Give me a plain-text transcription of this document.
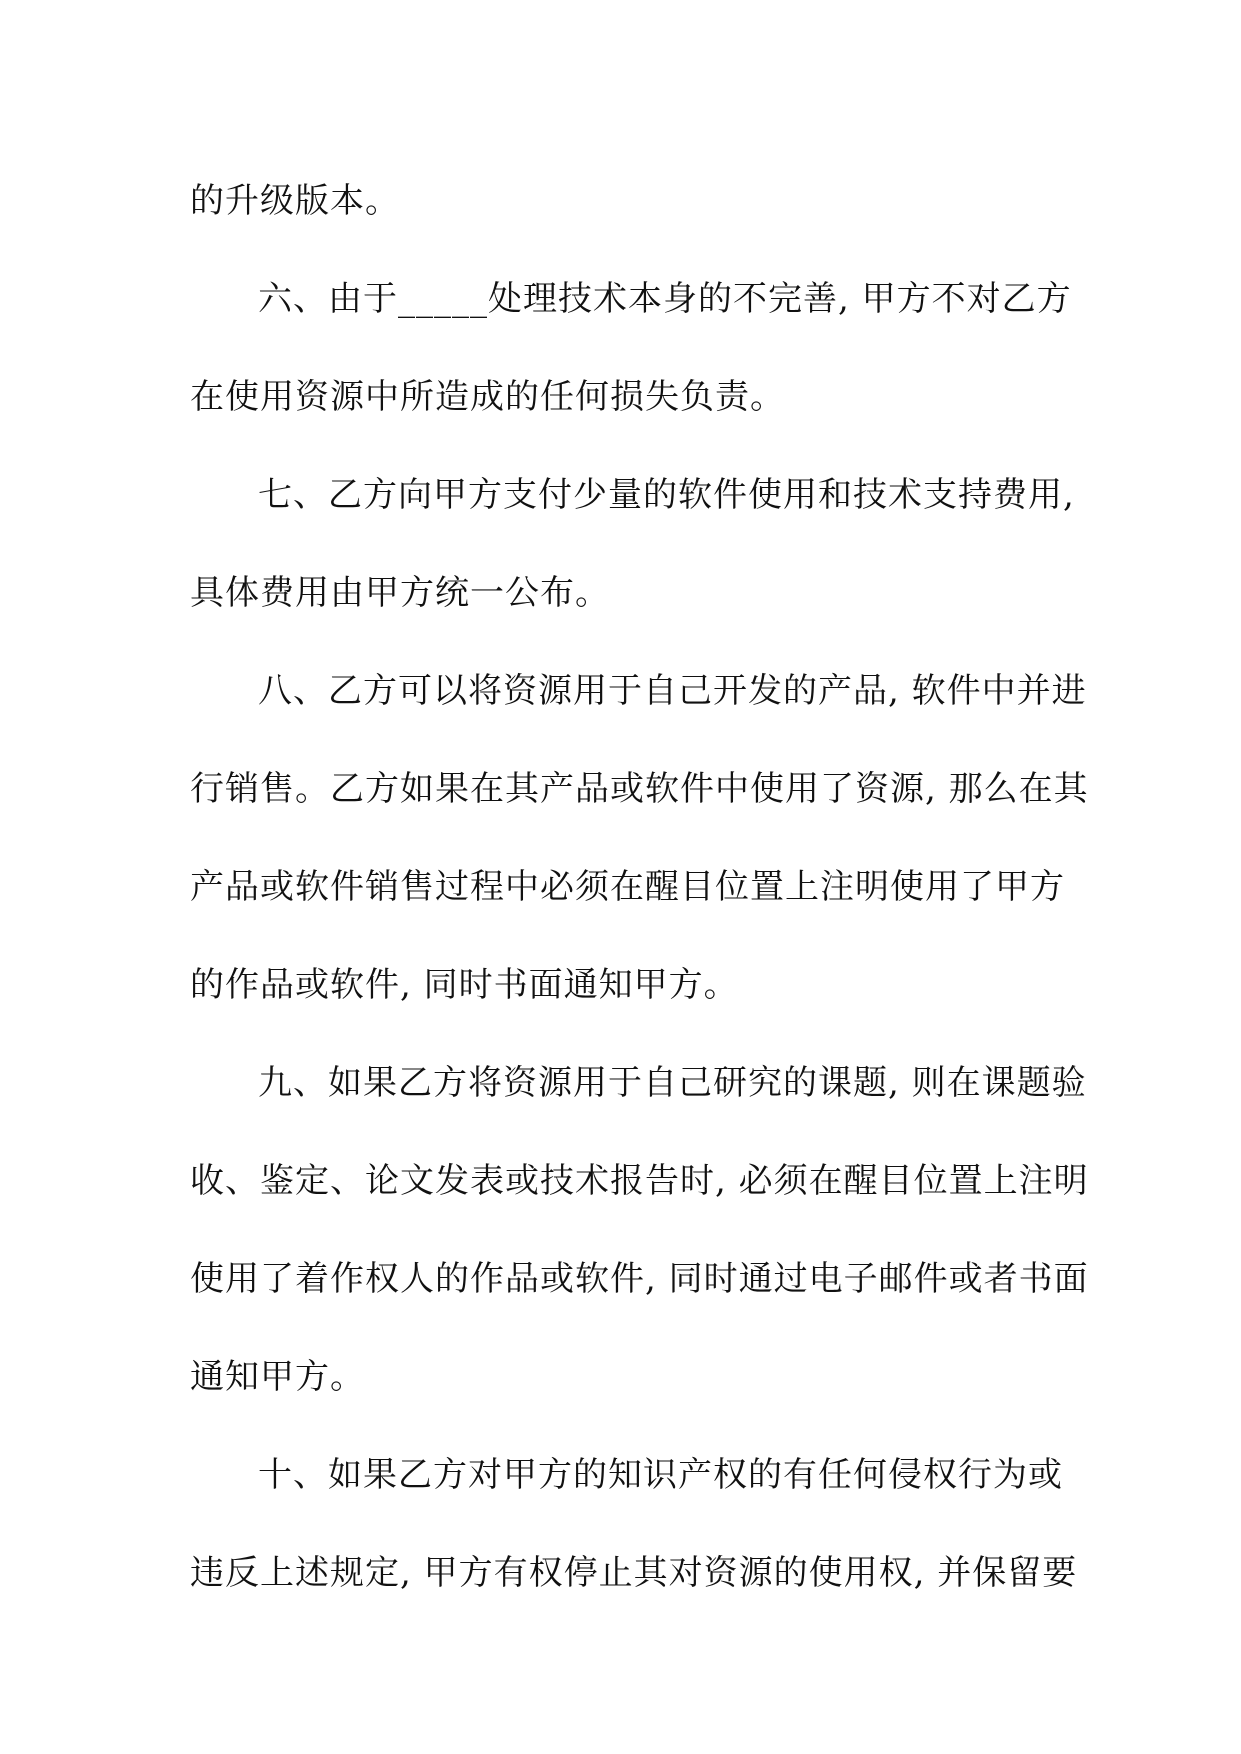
的升级版本。
六、由于_____处理技术本身的不完善, 甲方不对乙方
在使用资源中所造成的任何损失负责。
七、乙方向甲方支付少量的软件使用和技术支持费用,
具体费用由甲方统一公布。
八、乙方可以将资源用于自己开发的产品, 软件中并进
行销售。乙方如果在其产品或软件中使用了资源, 那么在其
产品或软件销售过程中必须在醒目位置上注明使用了甲方
的作品或软件, 同时书面通知甲方。
九、如果乙方将资源用于自己研究的课题, 则在课题验
收、鉴定、论文发表或技术报告时, 必须在醒目位置上注明
使用了着作权人的作品或软件, 同时通过电子邮件或者书面
通知甲方。
十、如果乙方对甲方的知识产权的有任何侵权行为或
违反上述规定, 甲方有权停止其对资源的使用权, 并保留要
